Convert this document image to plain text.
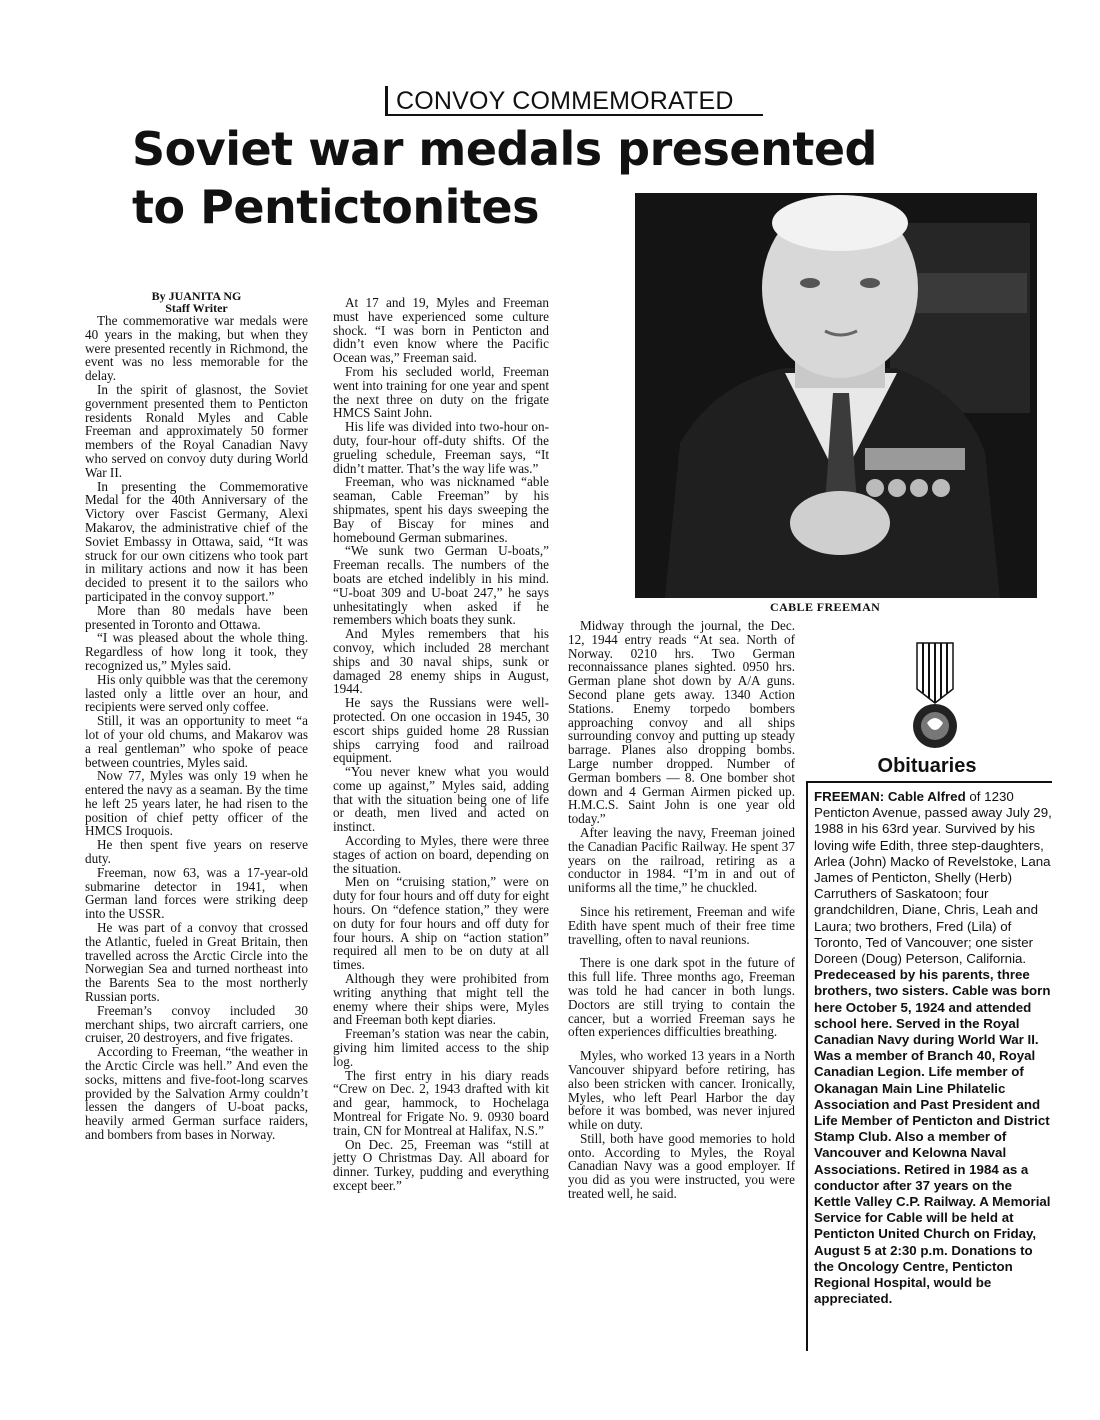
CONVOY COMMEMORATED
Soviet war medals presented
to Pentictonites
CABLE FREEMAN
By JUANITA NG
Staff Writer

The commemorative war medals were 40 years in the making, but when they were presented recently in Richmond, the event was no less memorable for the delay.

In the spirit of glasnost, the Soviet government presented them to Penticton residents Ronald Myles and Cable Freeman and approximately 50 former members of the Royal Canadian Navy who served on convoy duty during World War II.

In presenting the Commemorative Medal for the 40th Anniversary of the Victory over Fascist Germany, Alexi Makarov, the administrative chief of the Soviet Embassy in Ottawa, said, “It was struck for our own citizens who took part in military actions and now it has been decided to present it to the sailors who participated in the convoy support.”

More than 80 medals have been presented in Toronto and Ottawa.

“I was pleased about the whole thing. Regardless of how long it took, they recognized us,” Myles said.

His only quibble was that the ceremony lasted only a little over an hour, and recipients were served only coffee.

Still, it was an opportunity to meet “a lot of your old chums, and Makarov was a real gentleman” who spoke of peace between countries, Myles said.

Now 77, Myles was only 19 when he entered the navy as a seaman. By the time he left 25 years later, he had risen to the position of chief petty officer of the HMCS Iroquois.

He then spent five years on reserve duty.

Freeman, now 63, was a 17-year-old submarine detector in 1941, when German land forces were striking deep into the USSR.

He was part of a convoy that crossed the Atlantic, fueled in Great Britain, then travelled across the Arctic Circle into the Norwegian Sea and turned northeast into the Barents Sea to the most northerly Russian ports.

Freeman’s convoy included 30 merchant ships, two aircraft carriers, one cruiser, 20 destroyers, and five frigates.

According to Freeman, “the weather in the Arctic Circle was hell.” And even the socks, mittens and five-foot-long scarves provided by the Salvation Army couldn’t lessen the dangers of U-boat packs, heavily armed German surface raiders, and bombers from bases in Norway.

At 17 and 19, Myles and Freeman must have experienced some culture shock. “I was born in Penticton and didn’t even know where the Pacific Ocean was,” Freeman said.

From his secluded world, Freeman went into training for one year and spent the next three on duty on the frigate HMCS Saint John.

His life was divided into two-hour on-duty, four-hour off-duty shifts. Of the grueling schedule, Freeman says, “It didn’t matter. That’s the way life was.”

Freeman, who was nicknamed “able seaman, Cable Freeman” by his shipmates, spent his days sweeping the Bay of Biscay for mines and homebound German submarines.

“We sunk two German U-boats,” Freeman recalls. The numbers of the boats are etched indelibly in his mind. “U-boat 309 and U-boat 247,” he says unhesitatingly when asked if he remembers which boats they sunk.

And Myles remembers that his convoy, which included 28 merchant ships and 30 naval ships, sunk or damaged 28 enemy ships in August, 1944.

He says the Russians were well-protected. On one occasion in 1945, 30 escort ships guided home 28 Russian ships carrying food and railroad equipment.

“You never knew what you would come up against,” Myles said, adding that with the situation being one of life or death, men lived and acted on instinct.

According to Myles, there were three stages of action on board, depending on the situation.

Men on “cruising station,” were on duty for four hours and off duty for eight hours. On “defence station,” they were on duty for four hours and off duty for four hours. A ship on “action station” required all men to be on duty at all times.

Although they were prohibited from writing anything that might tell the enemy where their ships were, Myles and Freeman both kept diaries.

Freeman’s station was near the cabin, giving him limited access to the ship log.

The first entry in his diary reads “Crew on Dec. 2, 1943 drafted with kit and gear, hammock, to Hochelaga Montreal for Frigate No. 9. 0930 board train, CN for Montreal at Halifax, N.S.”

On Dec. 25, Freeman was “still at jetty O Christmas Day. All aboard for dinner. Turkey, pudding and everything except beer.”

Midway through the journal, the Dec. 12, 1944 entry reads “At sea. North of Norway. 0210 hrs. Two German reconnaissance planes sighted. 0950 hrs. German plane shot down by A/A guns. Second plane gets away. 1340 Action Stations. Enemy torpedo bombers approaching convoy and all ships surrounding convoy and putting up steady barrage. Planes also dropping bombs. Large number dropped. Number of German bombers — 8. One bomber shot down and 4 German Airmen picked up. H.M.C.S. Saint John is one year old today.”

After leaving the navy, Freeman joined the Canadian Pacific Railway. He spent 37 years on the railroad, retiring as a conductor in 1984. “I’m in and out of uniforms all the time,” he chuckled.

Since his retirement, Freeman and wife Edith have spent much of their free time travelling, often to naval reunions.

There is one dark spot in the future of this full life. Three months ago, Freeman was told he had cancer in both lungs. Doctors are still trying to contain the cancer, but a worried Freeman says he often experiences difficulties breathing.

Myles, who worked 13 years in a North Vancouver shipyard before retiring, has also been stricken with cancer. Ironically, Myles, who left Pearl Harbor the day before it was bombed, was never injured while on duty.

Still, both have good memories to hold onto. According to Myles, the Royal Canadian Navy was a good employer. If you did as you were instructed, you were treated well, he said.

Obituaries

FREEMAN: Cable Alfred of 1230 Penticton Avenue, passed away July 29, 1988 in his 63rd year. Survived by his loving wife Edith, three step-daughters, Arlea (John) Macko of Revelstoke, Lana James of Penticton, Shelly (Herb) Carruthers of Saskatoon; four grandchildren, Diane, Chris, Leah and Laura; two brothers, Fred (Lila) of Toronto, Ted of Vancouver; one sister Doreen (Doug) Peterson, California. Predeceased by his parents, three brothers, two sisters. Cable was born here October 5, 1924 and attended school here. Served in the Royal Canadian Navy during World War II. Was a member of Branch 40, Royal Canadian Legion. Life member of Okanagan Main Line Philatelic Association and Past President and Life Member of Penticton and District Stamp Club. Also a member of Vancouver and Kelowna Naval Associations. Retired in 1984 as a conductor after 37 years on the Kettle Valley C.P. Railway. A Memorial Service for Cable will be held at Penticton United Church on Friday, August 5 at 2:30 p.m. Donations to the Oncology Centre, Penticton Regional Hospital, would be appreciated.
